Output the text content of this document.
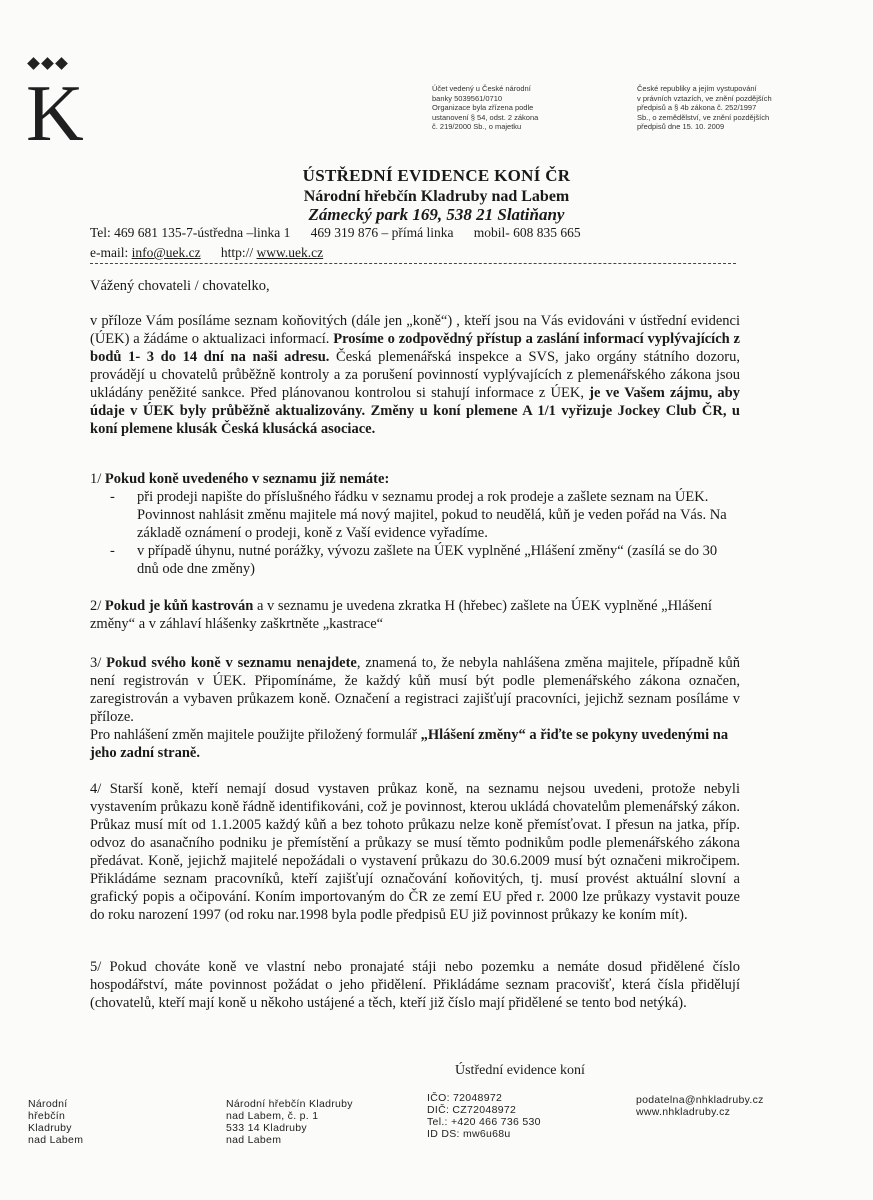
K	Účet vedený u České národní
banky 5039561/0710
Organizace byla zřízena podle
ustanovení § 54, odst. 2 zákona
č. 219/2000 Sb., o majetku
České republiky a jejím vystupování
v právních vztazích, ve znění pozdějších
předpisů a § 4b zákona č. 252/1997
Sb., o zemědělství, ve znění pozdějších
předpisů dne 15. 10. 2009
ÚSTŘEDNÍ EVIDENCE KONÍ ČR
Národní hřebčín Kladruby nad Labem
Zámecký park 169, 538 21 Slatiňany
Tel: 469 681 135-7-ústředna –linka 1      469 319 876 – přímá linka      mobil- 608 835 665
e-mail: info@uek.cz http:// www.uek.cz
Vážený chovateli / chovatelko,
v příloze Vám posíláme seznam koňovitých (dále jen „koně“) , kteří jsou na Vás evidováni v ústřední evidenci (ÚEK) a žádáme o aktualizaci informací. Prosíme o zodpovědný přístup a zaslání informací vyplývajících z bodů 1- 3 do 14 dní na naši adresu. Česká plemenářská inspekce a SVS, jako orgány státního dozoru, provádějí u chovatelů průběžně kontroly a za porušení povinností vyplývajících z plemenářského zákona jsou ukládány peněžité sankce. Před plánovanou kontrolou si stahují informace z ÚEK, je ve Vašem zájmu, aby údaje v ÚEK byly průběžně aktualizovány. Změny u koní plemene A 1/1 vyřizuje Jockey Club ČR, u koní plemene klusák Česká klusácká asociace.
1/ Pokud koně uvedeného v seznamu již nemáte:
- při prodeji napište do příslušného řádku v seznamu prodej a rok prodeje a zašlete seznam na ÚEK. Povinnost nahlásit změnu majitele má nový majitel, pokud to neudělá, kůň je veden pořád na Vás. Na základě oznámení o prodeji, koně z Vaší evidence vyřadíme.
- v případě úhynu, nutné porážky, vývozu zašlete na ÚEK vyplněné „Hlášení změny“ (zasílá se do 30 dnů ode dne změny)
2/ Pokud je kůň kastrován a v seznamu je uvedena zkratka H (hřebec) zašlete na ÚEK vyplněné „Hlášení změny“ a v záhlaví hlášenky zaškrtněte „kastrace“
3/ Pokud svého koně v seznamu nenajdete, znamená to, že nebyla nahlášena změna majitele, případně kůň není registrován v ÚEK. Připomínáme, že každý kůň musí být podle plemenářského zákona označen, zaregistrován a vybaven průkazem koně. Označení a registraci zajišťují pracovníci, jejichž seznam posíláme v příloze.
Pro nahlášení změn majitele použijte přiložený formulář „Hlášení změny“ a řiďte se pokyny uvedenými na jeho zadní straně.
4/ Starší koně, kteří nemají dosud vystaven průkaz koně, na seznamu nejsou uvedeni, protože nebyli vystavením průkazu koně řádně identifikováni, což je povinnost, kterou ukládá chovatelům plemenářský zákon. Průkaz musí mít od 1.1.2005 každý kůň a bez tohoto průkazu nelze koně přemísťovat. I přesun na jatka, příp. odvoz do asanačního podniku je přemístění a průkazy se musí těmto podnikům podle plemenářského zákona předávat. Koně, jejichž majitelé nepožádali o vystavení průkazu do 30.6.2009 musí být označeni mikročipem. Přikládáme seznam pracovníků, kteří zajišťují označování koňovitých, tj. musí provést aktuální slovní a grafický popis a očipování. Koním importovaným do ČR ze zemí EU před r. 2000 lze průkazy vystavit pouze do roku narození 1997 (od roku nar.1998 byla podle předpisů EU již povinnost průkazy ke koním mít).
5/ Pokud chováte koně ve vlastní nebo pronajaté stáji nebo pozemku a nemáte dosud přidělené číslo hospodářství, máte povinnost požádat o jeho přidělení. Přikládáme seznam pracovišť, která čísla přidělují (chovatelů, kteří mají koně u někoho ustájené a těch, kteří již číslo mají přidělené se tento bod netýká).
Ústřední evidence koní
Národní
hřebčín
Kladruby
nad Labem
Národní hřebčín Kladruby
nad Labem, č. p. 1
533 14 Kladruby
nad Labem
IČO: 72048972
DIČ: CZ72048972
Tel.: +420 466 736 530
ID DS: mw6u68u
podatelna@nhkladruby.cz
www.nhkladruby.cz
